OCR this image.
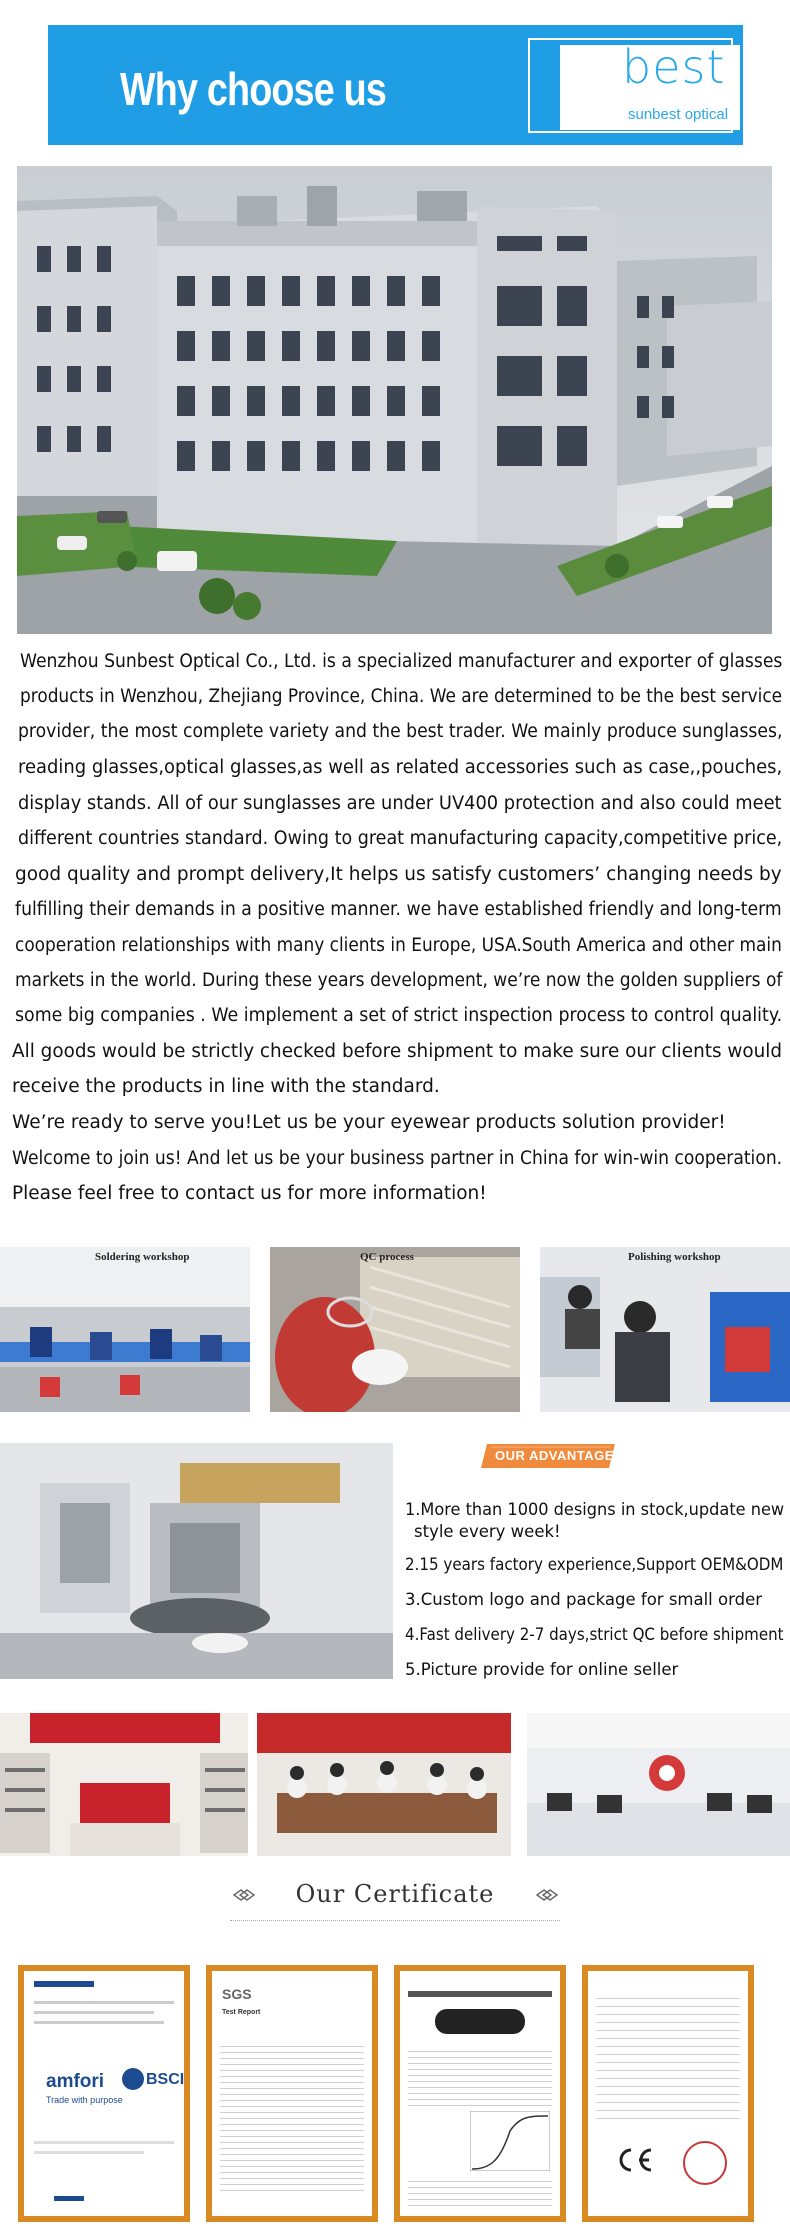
Why choose us	best
sunbest optical
Wenzhou Sunbest Optical Co., Ltd. is a specialized manufacturer and exporter of glasses
products in Wenzhou, Zhejiang Province, China. We are determined to be the best service
provider, the most complete variety and the best trader. We mainly produce sunglasses,
reading glasses,optical glasses,as well as related accessories such as case,,pouches,
display stands. All of our sunglasses are under UV400 protection and also could meet
different countries standard. Owing to great manufacturing capacity,competitive price,
good quality and prompt delivery,It helps us satisfy customers’ changing needs by
fulfilling their demands in a positive manner. we have established friendly and long-term
cooperation relationships with many clients in Europe, USA.South America and other main
markets in the world. During these years development, we’re now the golden suppliers of
some big companies . We implement a set of strict inspection process to control quality.
All goods would be strictly checked before shipment to make sure our clients would
receive the products in line with the standard.
We’re ready to serve you!Let us be your eyewear products solution provider!
Welcome to join us! And let us be your business partner in China for win-win cooperation.
Please feel free to contact us for more information!
Soldering workshop	QC process	Polishing workshop
OUR ADVANTAGE
1.More than 1000 designs in stock,update new
style every week!
2.15 years factory experience,Support OEM&ODM
3.Custom logo and package for small order
4.Fast delivery 2-7 days,strict QC before shipment
5.Picture provide for online seller
Our Certificate
amfori	BSCI
Trade with purpose
SGS
Test Report
